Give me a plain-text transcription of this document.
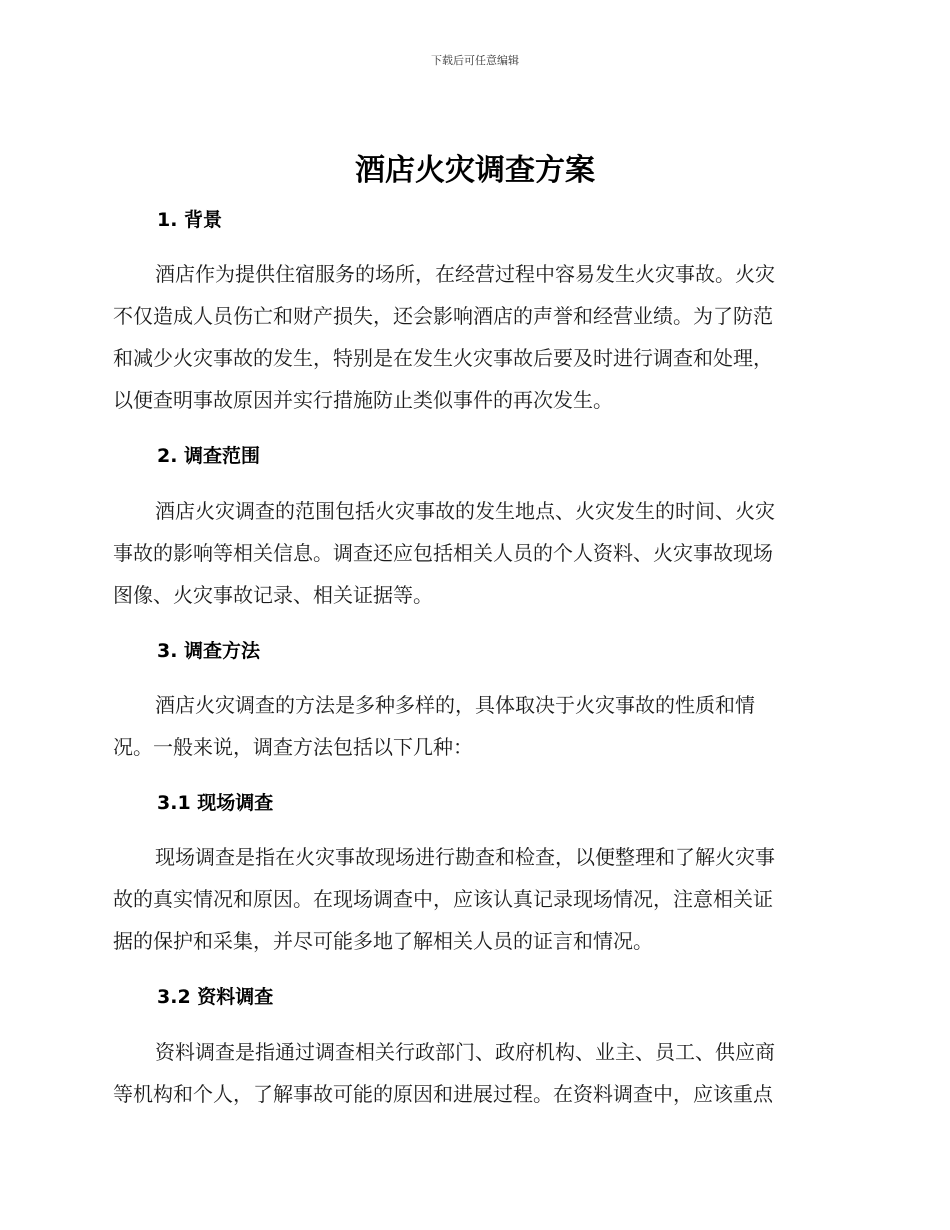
下载后可任意编辑
酒店火灾调查方案
1. 背景
酒店作为提供住宿服务的场所，在经营过程中容易发生火灾事故。火灾
不仅造成人员伤亡和财产损失，还会影响酒店的声誉和经营业绩。为了防范
和减少火灾事故的发生，特别是在发生火灾事故后要及时进行调查和处理，
以便查明事故原因并实行措施防止类似事件的再次发生。
2. 调查范围
酒店火灾调查的范围包括火灾事故的发生地点、火灾发生的时间、火灾
事故的影响等相关信息。调查还应包括相关人员的个人资料、火灾事故现场
图像、火灾事故记录、相关证据等。
3. 调查方法
酒店火灾调查的方法是多种多样的，具体取决于火灾事故的性质和情
况。一般来说，调查方法包括以下几种：
3.1 现场调查
现场调查是指在火灾事故现场进行勘查和检查，以便整理和了解火灾事
故的真实情况和原因。在现场调查中，应该认真记录现场情况，注意相关证
据的保护和采集，并尽可能多地了解相关人员的证言和情况。
3.2 资料调查
资料调查是指通过调查相关行政部门、政府机构、业主、员工、供应商
等机构和个人，了解事故可能的原因和进展过程。在资料调查中，应该重点
